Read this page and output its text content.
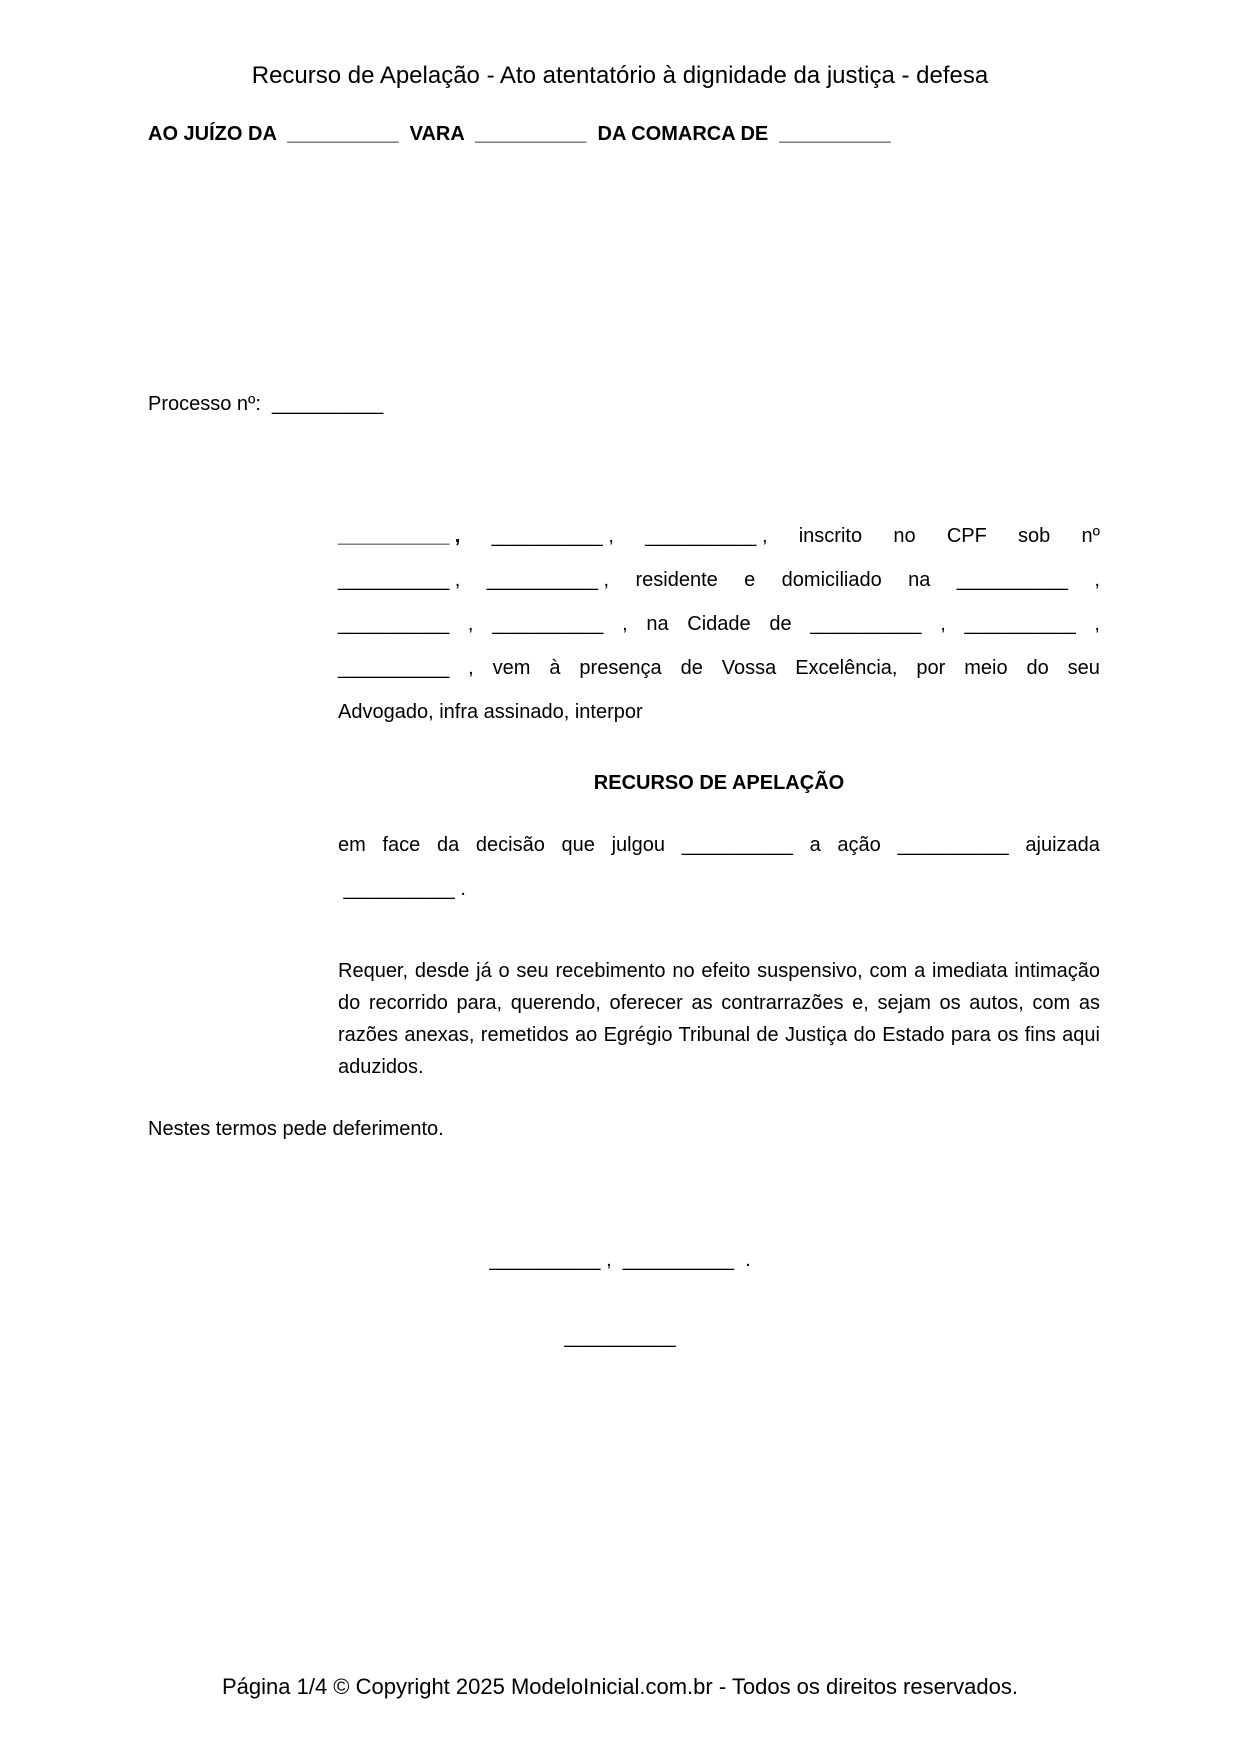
Recurso de Apelação - Ato atentatório à dignidade da justiça - defesa
AO JUÍZO DA  __________  VARA  __________  DA COMARCA DE  __________
Processo nº:  __________
__________ , __________ , __________ , inscrito no CPF sob nº
__________ , __________ , residente e domiciliado na __________ ,
__________ , __________ , na Cidade de __________ , __________ ,
__________ , vem à presença de Vossa Excelência, por meio do seu
Advogado, infra assinado, interpor
RECURSO DE APELAÇÃO
em face da decisão que julgou __________ a ação __________ ajuizada
__________ .
Requer, desde já o seu recebimento no efeito suspensivo, com a imediata intimação do recorrido para, querendo, oferecer as contrarrazões e, sejam os autos, com as razões anexas, remetidos ao Egrégio Tribunal de Justiça do Estado para os fins aqui aduzidos.
Nestes termos pede deferimento.
__________ ,  __________  .
__________
Página 1/4 © Copyright 2025 ModeloInicial.com.br - Todos os direitos reservados.
